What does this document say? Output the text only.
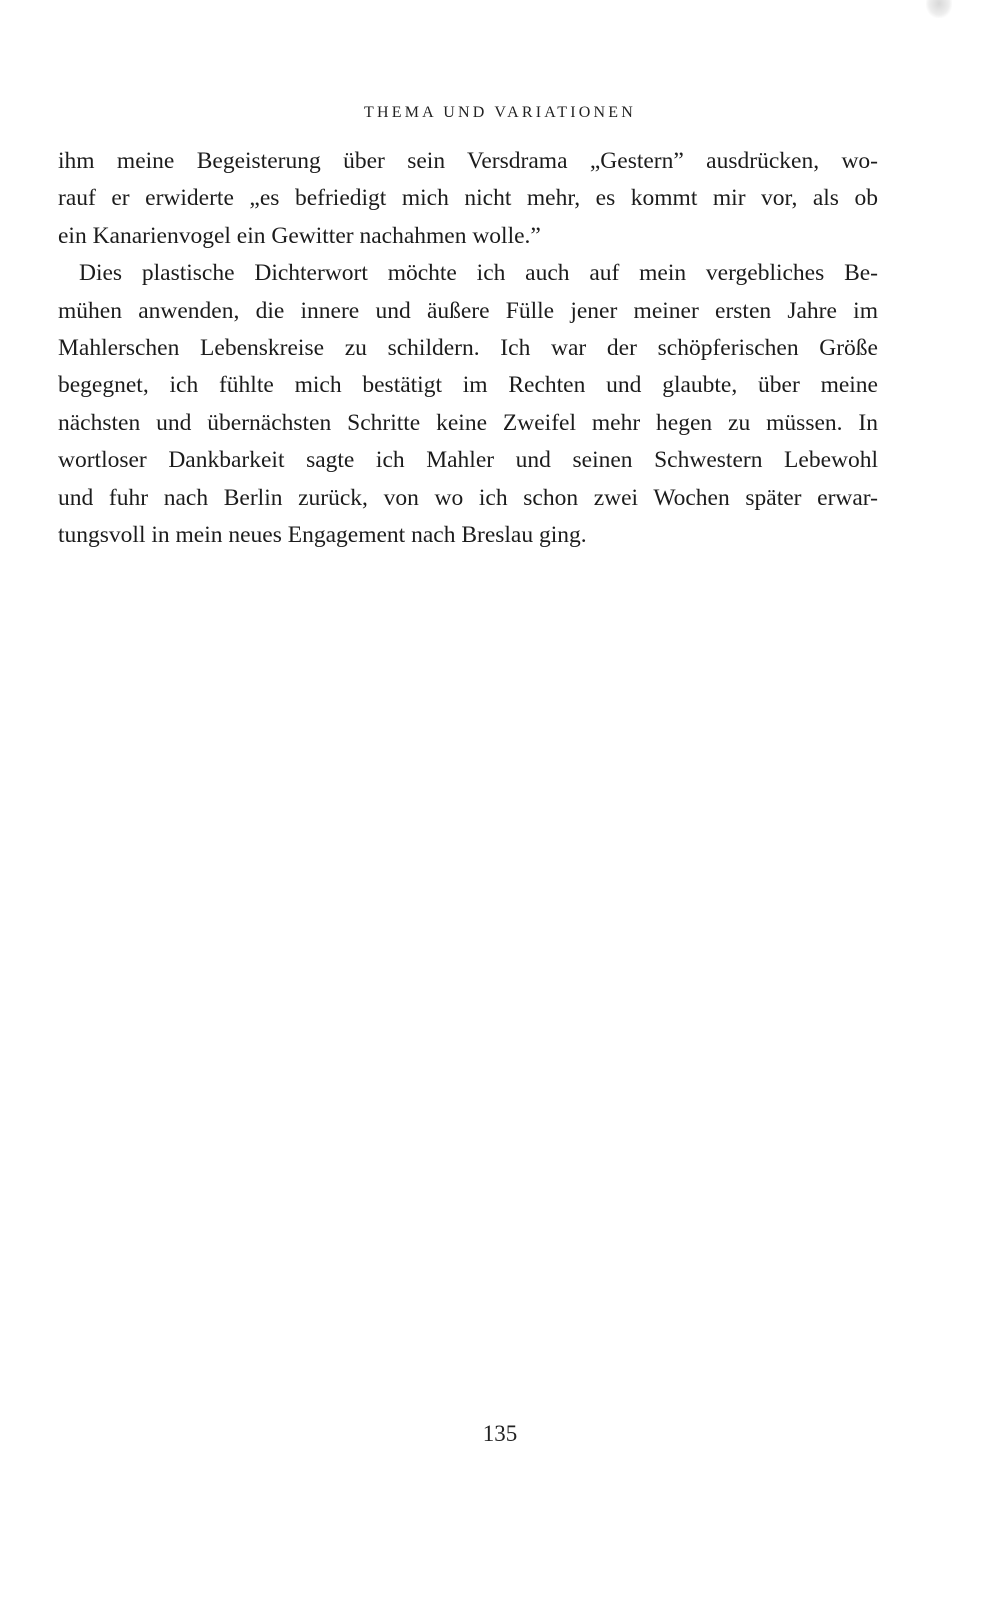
THEMA UND VARIATIONEN
ihm meine Begeisterung über sein Versdrama „Gestern” ausdrücken, wo-
rauf er erwiderte „es befriedigt mich nicht mehr, es kommt mir vor, als ob
ein Kanarienvogel ein Gewitter nachahmen wolle.”
Dies plastische Dichterwort möchte ich auch auf mein vergebliches Be-
mühen anwenden, die innere und äußere Fülle jener meiner ersten Jahre im
Mahlerschen Lebenskreise zu schildern. Ich war der schöpferischen Größe
begegnet, ich fühlte mich bestätigt im Rechten und glaubte, über meine
nächsten und übernächsten Schritte keine Zweifel mehr hegen zu müssen. In
wortloser Dankbarkeit sagte ich Mahler und seinen Schwestern Lebewohl
und fuhr nach Berlin zurück, von wo ich schon zwei Wochen später erwar-
tungsvoll in mein neues Engagement nach Breslau ging.
135
